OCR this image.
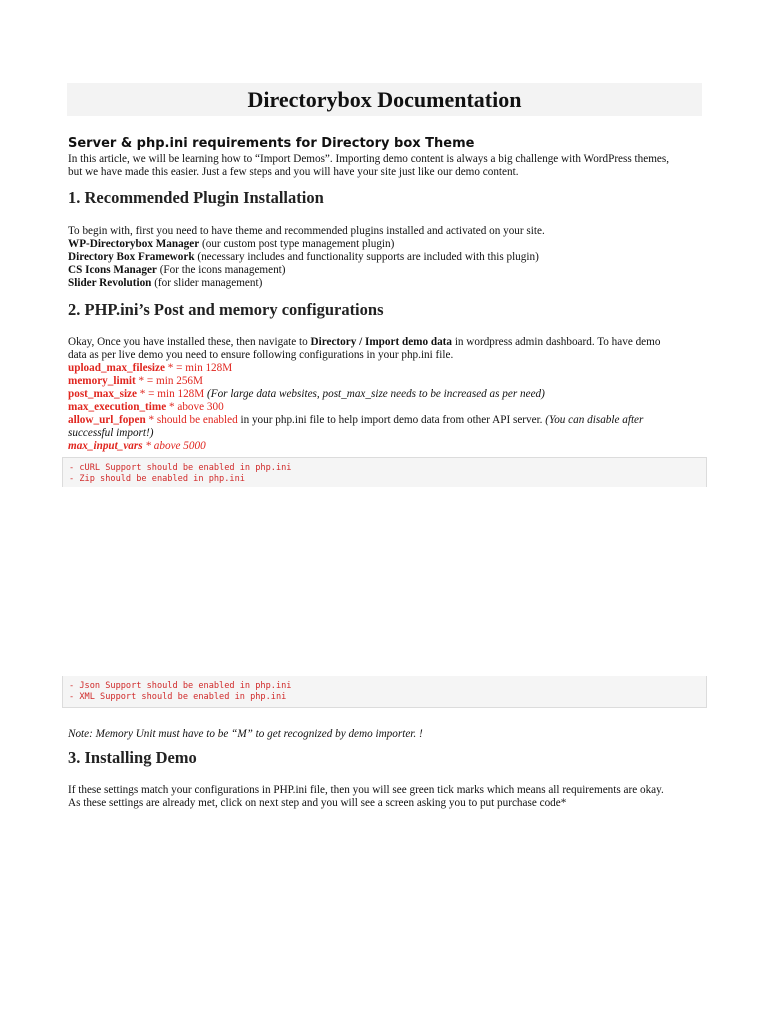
Directorybox Documentation
Server & php.ini requirements for Directory box Theme
In this article, we will be learning how to “Import Demos”. Importing demo content is always a big challenge with WordPress themes,
but we have made this easier. Just a few steps and you will have your site just like our demo content.
1. Recommended Plugin Installation
To begin with, first you need to have theme and recommended plugins installed and activated on your site.
WP-Directorybox Manager (our custom post type management plugin)
Directory Box Framework (necessary includes and functionality supports are included with this plugin)
CS Icons Manager (For the icons management)
Slider Revolution (for slider management)
2. PHP.ini’s Post and memory configurations
Okay, Once you have installed these, then navigate to Directory / Import demo data in wordpress admin dashboard. To have demo
data as per live demo you need to ensure following configurations in your php.ini file.
upload_max_filesize * = min 128M
memory_limit * = min 256M
post_max_size * = min 128M (For large data websites, post_max_size needs to be increased as per need)
max_execution_time * above 300
allow_url_fopen * should be enabled in your php.ini file to help import demo data from other API server. (You can disable after
successful import!)
max_input_vars * above 5000
- cURL Support should be enabled in php.ini
- Zip should be enabled in php.ini
- Json Support should be enabled in php.ini
- XML Support should be enabled in php.ini
Note: Memory Unit must have to be “M” to get recognized by demo importer. !
3. Installing Demo
If these settings match your configurations in PHP.ini file, then you will see green tick marks which means all requirements are okay.
As these settings are already met, click on next step and you will see a screen asking you to put purchase code*
